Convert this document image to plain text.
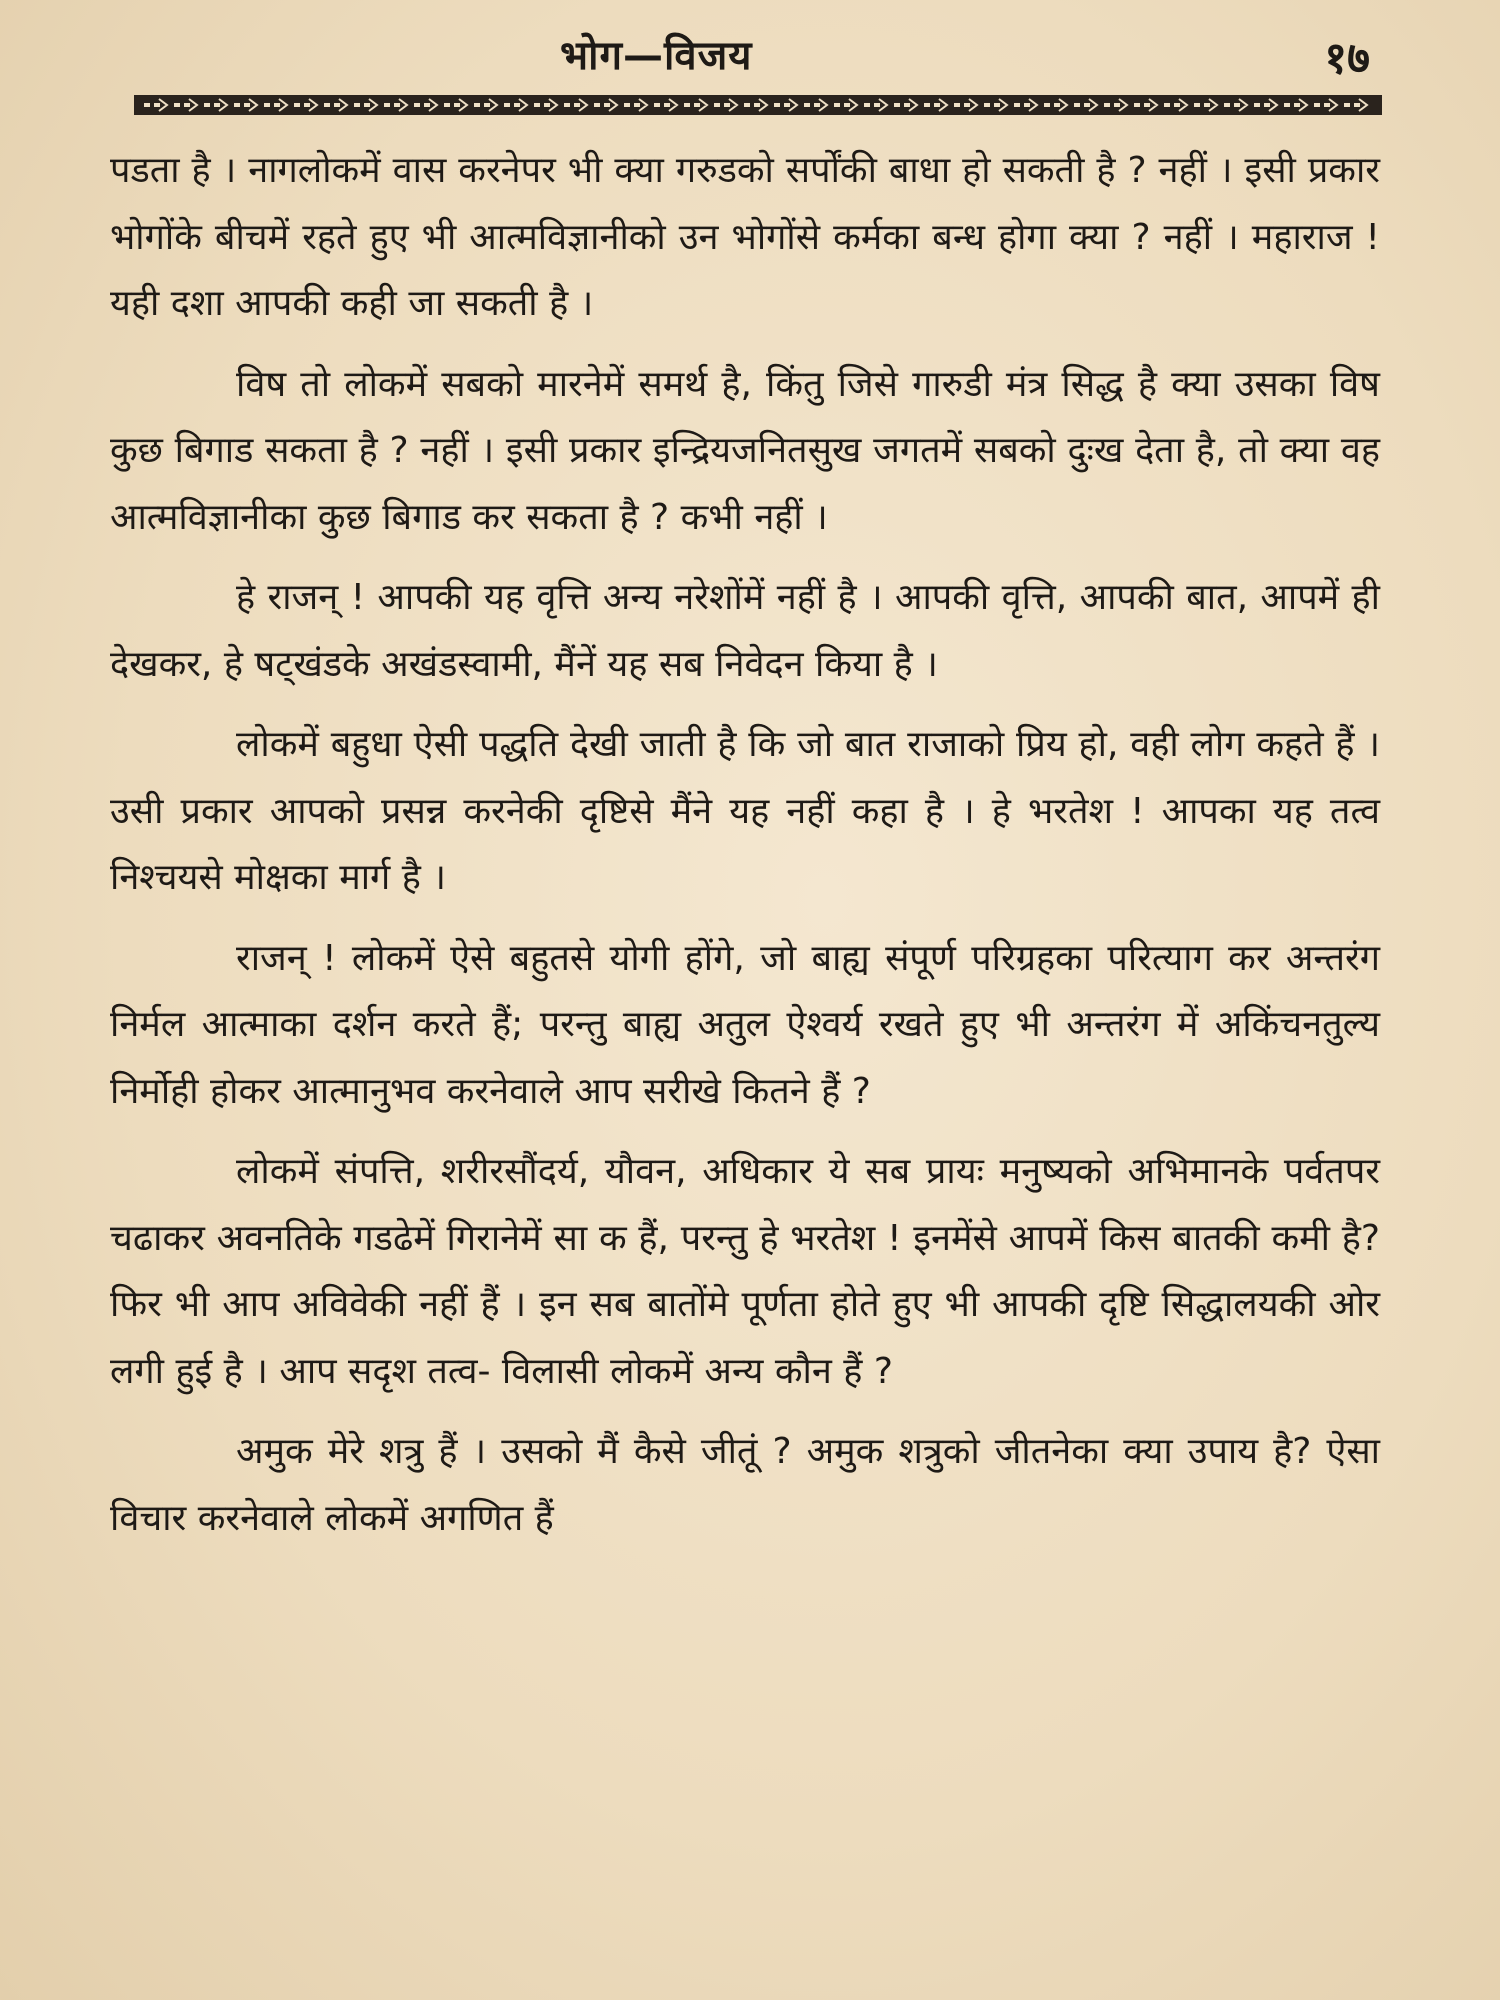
भोग—विजय	१७

पडता है । नागलोकमें वास करनेपर भी क्या गरुडको सर्पोंकी बाधा हो सकती है ? नहीं । इसी प्रकार भोगोंके बीचमें रहते हुए भी आत्मविज्ञानीको उन भोगोंसे कर्मका बन्ध होगा क्या ? नहीं । महाराज ! यही दशा आपकी कही जा सकती है ।

विष तो लोकमें सबको मारनेमें समर्थ है, किंतु जिसे गारुडी मंत्र सिद्ध है क्या उसका विष कुछ बिगाड सकता है ? नहीं । इसी प्रकार इन्द्रियजनितसुख जगतमें सबको दुःख देता है, तो क्या वह आत्मविज्ञानीका कुछ बिगाड कर सकता है ? कभी नहीं ।

हे राजन् ! आपकी यह वृत्ति अन्य नरेशोंमें नहीं है । आपकी वृत्ति, आपकी बात, आपमें ही देखकर, हे षट्खंडके अखंडस्वामी, मैंनें यह सब निवेदन किया है ।

लोकमें बहुधा ऐसी पद्धति देखी जाती है कि जो बात राजाको प्रिय हो, वही लोग कहते हैं । उसी प्रकार आपको प्रसन्न करनेकी दृष्टिसे मैंने यह नहीं कहा है । हे भरतेश ! आपका यह तत्व निश्चयसे मोक्षका मार्ग है ।

राजन् ! लोकमें ऐसे बहुतसे योगी होंगे, जो बाह्य संपूर्ण परिग्रहका परित्याग कर अन्तरंग निर्मल आत्माका दर्शन करते हैं; परन्तु बाह्य अतुल ऐश्वर्य रखते हुए भी अन्तरंग में अकिंचनतुल्य निर्मोही होकर आत्मानुभव करनेवाले आप सरीखे कितने हैं ?

लोकमें संपत्ति, शरीरसौंदर्य, यौवन, अधिकार ये सब प्रायः मनुष्यको अभिमानके पर्वतपर चढाकर अवनतिके गडढेमें गिरानेमें सा क हैं, परन्तु हे भरतेश ! इनमेंसे आपमें किस बातकी कमी है? फिर भी आप अविवेकी नहीं हैं । इन सब बातोंमे पूर्णता होते हुए भी आपकी दृष्टि सिद्धालयकी ओर लगी हुई है । आप सदृश तत्व- विलासी लोकमें अन्य कौन हैं ?

अमुक मेरे शत्रु हैं । उसको मैं कैसे जीतूं ? अमुक शत्रुको जीतनेका क्या उपाय है? ऐसा विचार करनेवाले लोकमें अगणित हैं
